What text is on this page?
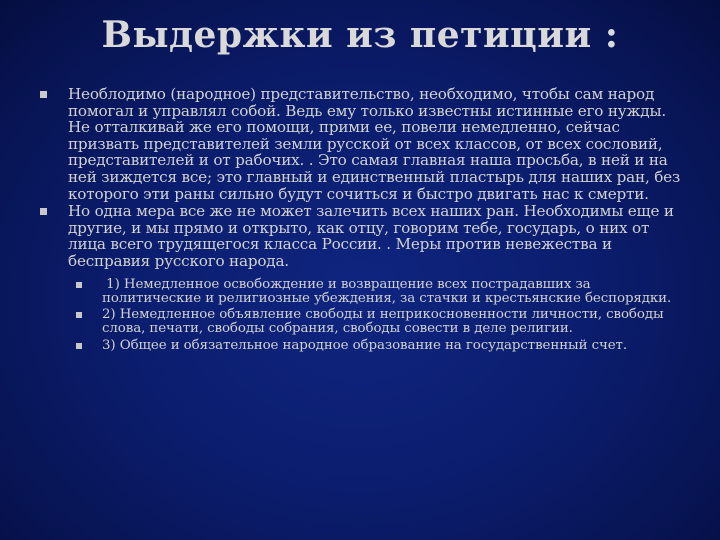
Выдержки из петиции :
Необлодимо (народное) представительство, необходимо, чтобы сам народ помогал и управлял собой. Ведь ему только известны истинные его нужды. Не отталкивай же его помощи, прими ее, повели немедленно, сейчас призвать представителей земли русской от всех классов, от всех сословий, представителей и от рабочих. . Это самая главная наша просьба, в ней и на ней зиждется все; это главный и единственный пластырь для наших ран, без которого эти раны сильно будут сочиться и быстро двигать нас к смерти.
Но одна мера все же не может залечить всех наших ран. Необходимы еще и другие, и мы прямо и открыто, как отцу, говорим тебе, государь, о них от лица всего трудящегося класса России. . Меры против невежества и бесправия русского народа.
1) Немедленное освобождение и возвращение всех пострадавших за политические и религиозные убеждения, за стачки и крестьянские беспорядки.
2) Немедленное объявление свободы и неприкосновенности личности, свободы слова, печати, свободы собрания, свободы совести в деле религии.
3) Общее и обязательное народное образование на государственный счет.
